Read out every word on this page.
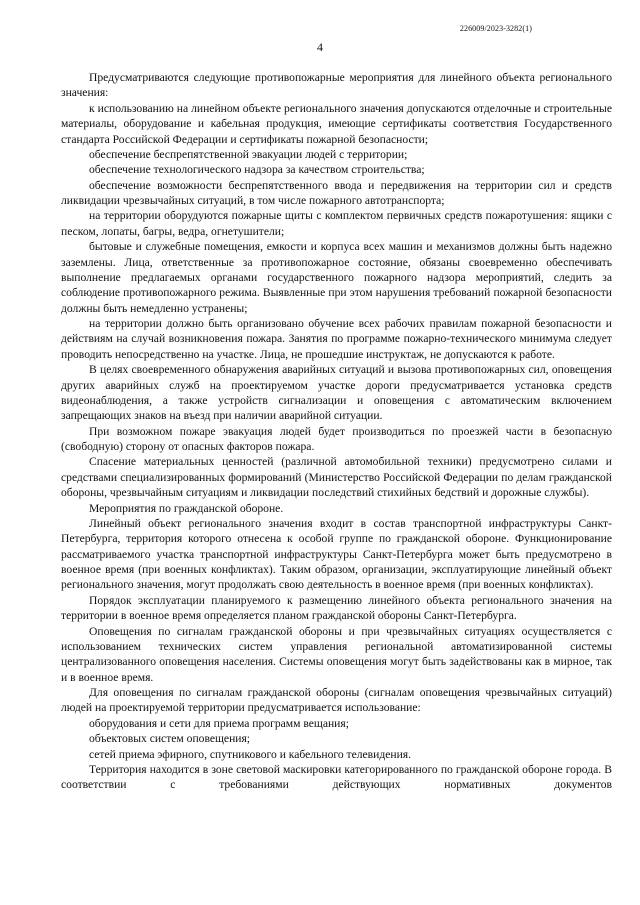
226009/2023-3282(1)
4

Предусматриваются следующие противопожарные мероприятия для линейного объекта регионального значения:

к использованию на линейном объекте регионального значения допускаются отделочные и строительные материалы, оборудование и кабельная продукция, имеющие сертификаты соответствия Государственного стандарта Российской Федерации и сертификаты пожарной безопасности;

обеспечение беспрепятственной эвакуации людей с территории;

обеспечение технологического надзора за качеством строительства;

обеспечение возможности беспрепятственного ввода и передвижения на территории сил и средств ликвидации чрезвычайных ситуаций, в том числе пожарного автотранспорта;

на территории оборудуются пожарные щиты с комплектом первичных средств пожаротушения: ящики с песком, лопаты, багры, ведра, огнетушители;

бытовые и служебные помещения, емкости и корпуса всех машин и механизмов должны быть надежно заземлены. Лица, ответственные за противопожарное состояние, обязаны своевременно обеспечивать выполнение предлагаемых органами государственного пожарного надзора мероприятий, следить за соблюдение противопожарного режима. Выявленные при этом нарушения требований пожарной безопасности должны быть немедленно устранены;

на территории должно быть организовано обучение всех рабочих правилам пожарной безопасности и действиям на случай возникновения пожара. Занятия по программе пожарно-технического минимума следует проводить непосредственно на участке. Лица, не прошедшие инструктаж, не допускаются к работе.

В целях своевременного обнаружения аварийных ситуаций и вызова противопожарных сил, оповещения других аварийных служб на проектируемом участке дороги предусматривается установка средств видеонаблюдения, а также устройств сигнализации и оповещения с автоматическим включением запрещающих знаков на въезд при наличии аварийной ситуации.

При возможном пожаре эвакуация людей будет производиться по проезжей части в безопасную (свободную) сторону от опасных факторов пожара.

Спасение материальных ценностей (различной автомобильной техники) предусмотрено силами и средствами специализированных формирований (Министерство Российской Федерации по делам гражданской обороны, чрезвычайным ситуациям и ликвидации последствий стихийных бедствий и дорожные службы).

Мероприятия по гражданской обороне.

Линейный объект регионального значения входит в состав транспортной инфраструктуры Санкт-Петербурга, территория которого отнесена к особой группе по гражданской обороне. Функционирование рассматриваемого участка транспортной инфраструктуры Санкт-Петербурга может быть предусмотрено в военное время (при военных конфликтах). Таким образом, организации, эксплуатирующие линейный объект регионального значения, могут продолжать свою деятельность в военное время (при военных конфликтах).

Порядок эксплуатации планируемого к размещению линейного объекта регионального значения на территории в военное время определяется планом гражданской обороны Санкт-Петербурга.

Оповещения по сигналам гражданской обороны и при чрезвычайных ситуациях осуществляется с использованием технических систем управления региональной автоматизированной системы централизованного оповещения населения. Системы оповещения могут быть задействованы как в мирное, так и в военное время.

Для оповещения по сигналам гражданской обороны (сигналам оповещения чрезвычайных ситуаций) людей на проектируемой территории предусматривается использование:

оборудования и сети для приема программ вещания;

объектовых систем оповещения;

сетей приема эфирного, спутникового и кабельного телевидения.

Территория находится в зоне световой маскировки категорированного по гражданской обороне города. В соответствии с требованиями действующих нормативных документов
